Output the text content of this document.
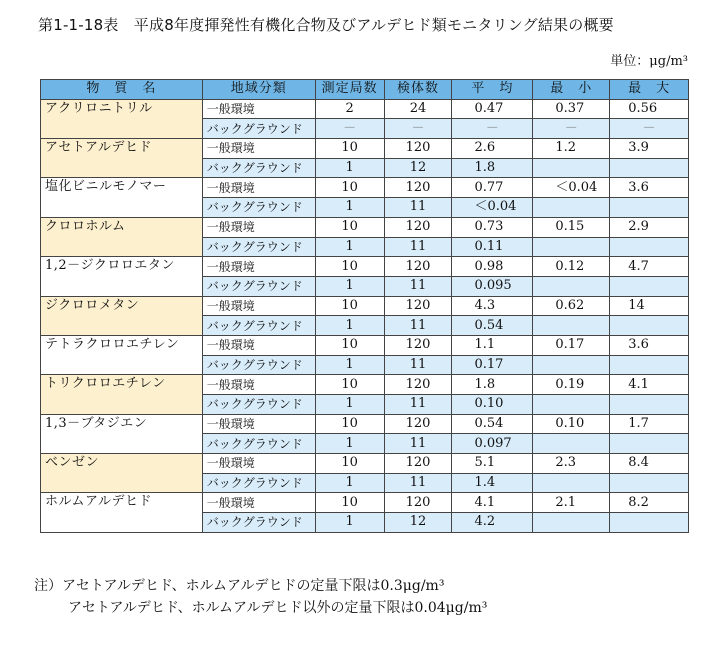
第1-1-18表　平成8年度揮発性有機化合物及びアルデヒド類モニタリング結果の概要
単位：μg/m³
物　質　名	地域分類	測定局数	検体数	平　均	最　小	最　大
アクリロニトリル	一般環境	2	24	0.47	0.37	0.56
	バックグラウンド	－	－	－	－	－
アセトアルデヒド	一般環境	10	120	2.6	1.2	3.9
	バックグラウンド	1	12	1.8		
塩化ビニルモノマー	一般環境	10	120	0.77	＜0.04	3.6
	バックグラウンド	1	11	＜0.04		
クロロホルム	一般環境	10	120	0.73	0.15	2.9
	バックグラウンド	1	11	0.11		
1,2－ジクロロエタン	一般環境	10	120	0.98	0.12	4.7
	バックグラウンド	1	11	0.095		
ジクロロメタン	一般環境	10	120	4.3	0.62	14
	バックグラウンド	1	11	0.54		
テトラクロロエチレン	一般環境	10	120	1.1	0.17	3.6
	バックグラウンド	1	11	0.17		
トリクロロエチレン	一般環境	10	120	1.8	0.19	4.1
	バックグラウンド	1	11	0.10		
1,3－ブタジエン	一般環境	10	120	0.54	0.10	1.7
	バックグラウンド	1	11	0.097		
ベンゼン	一般環境	10	120	5.1	2.3	8.4
	バックグラウンド	1	11	1.4		
ホルムアルデヒド	一般環境	10	120	4.1	2.1	8.2
	バックグラウンド	1	12	4.2		
注）アセトアルデヒド、ホルムアルデヒドの定量下限は0.3μg/m³
アセトアルデヒド、ホルムアルデヒド以外の定量下限は0.04μg/m³
